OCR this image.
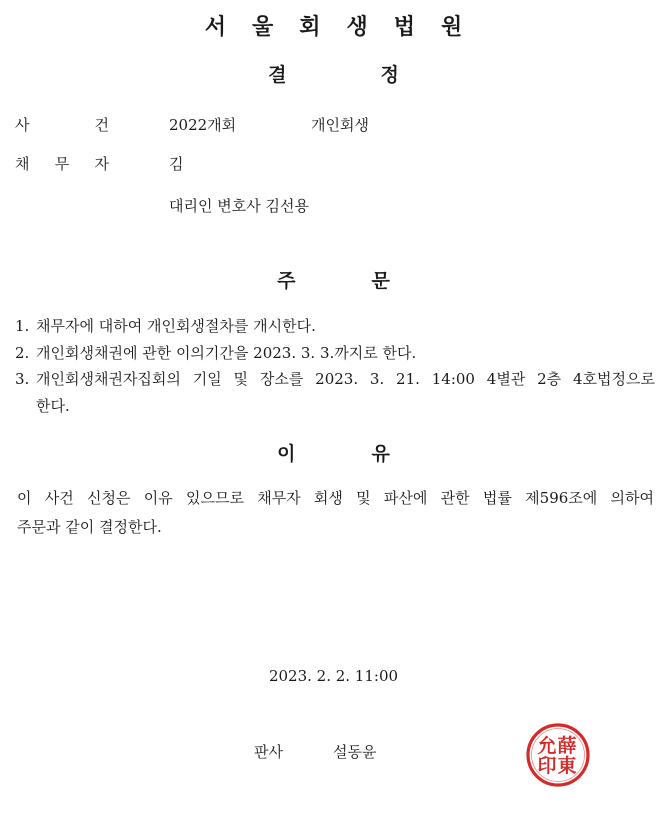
서울회생법원
결정
사	건	2022개회	개인회생
채 무 자	김
대리인 변호사 김선용
주문
1. 채무자에 대하여 개인회생절차를 개시한다.
2. 개인회생채권에 관한 이의기간을 2023. 3. 3.까지로 한다.
3. 개인회생채권자집회의 기일 및 장소를 2023. 3. 21. 14:00 4별관 2층 4호법정으로
한다.
이유
이 사건 신청은 이유 있으므로 채무자 회생 및 파산에 관한 법률 제596조에 의하여
주문과 같이 결정한다.
2023. 2. 2. 11:00
판사	설동윤	薛
東
允
印
